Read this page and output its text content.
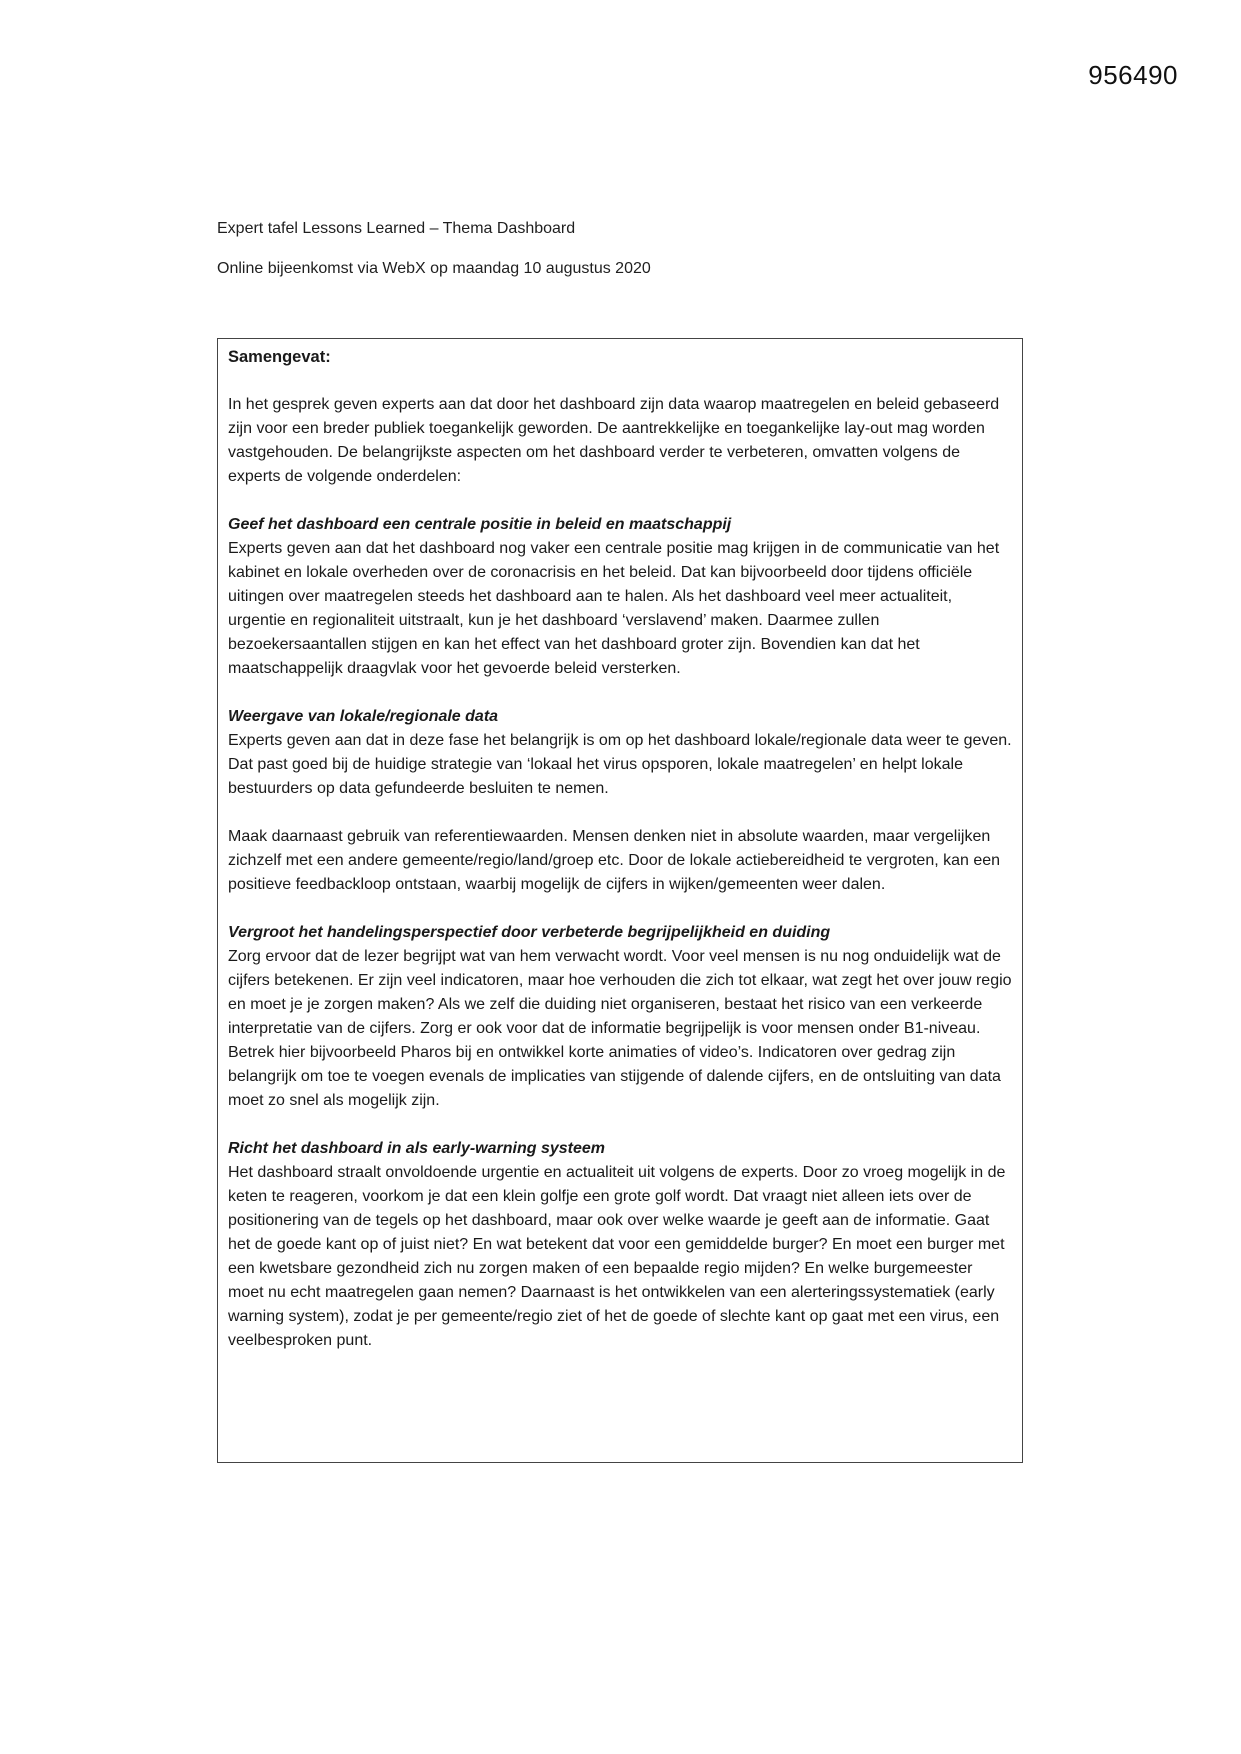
956490
Expert tafel Lessons Learned – Thema Dashboard
Online bijeenkomst via WebX op maandag 10 augustus 2020

Samengevat:

In het gesprek geven experts aan dat door het dashboard zijn data waarop maatregelen en beleid gebaseerd zijn voor een breder publiek toegankelijk geworden. De aantrekkelijke en toegankelijke lay-out mag worden vastgehouden. De belangrijkste aspecten om het dashboard verder te verbeteren, omvatten volgens de experts de volgende onderdelen:

Geef het dashboard een centrale positie in beleid en maatschappij

Experts geven aan dat het dashboard nog vaker een centrale positie mag krijgen in de communicatie van het kabinet en lokale overheden over de coronacrisis en het beleid. Dat kan bijvoorbeeld door tijdens officiële uitingen over maatregelen steeds het dashboard aan te halen. Als het dashboard veel meer actualiteit, urgentie en regionaliteit uitstraalt, kun je het dashboard ‘verslavend’ maken. Daarmee zullen bezoekersaantallen stijgen en kan het effect van het dashboard groter zijn. Bovendien kan dat het maatschappelijk draagvlak voor het gevoerde beleid versterken.

Weergave van lokale/regionale data

Experts geven aan dat in deze fase het belangrijk is om op het dashboard lokale/regionale data weer te geven. Dat past goed bij de huidige strategie van ‘lokaal het virus opsporen, lokale maatregelen’ en helpt lokale bestuurders op data gefundeerde besluiten te nemen.

Maak daarnaast gebruik van referentiewaarden. Mensen denken niet in absolute waarden, maar vergelijken zichzelf met een andere gemeente/regio/land/groep etc. Door de lokale actiebereidheid te vergroten, kan een positieve feedbackloop ontstaan, waarbij mogelijk de cijfers in wijken/gemeenten weer dalen.

Vergroot het handelingsperspectief door verbeterde begrijpelijkheid en duiding

Zorg ervoor dat de lezer begrijpt wat van hem verwacht wordt. Voor veel mensen is nu nog onduidelijk wat de cijfers betekenen. Er zijn veel indicatoren, maar hoe verhouden die zich tot elkaar, wat zegt het over jouw regio en moet je je zorgen maken? Als we zelf die duiding niet organiseren, bestaat het risico van een verkeerde interpretatie van de cijfers. Zorg er ook voor dat de informatie begrijpelijk is voor mensen onder B1-niveau. Betrek hier bijvoorbeeld Pharos bij en ontwikkel korte animaties of video’s. Indicatoren over gedrag zijn belangrijk om toe te voegen evenals de implicaties van stijgende of dalende cijfers, en de ontsluiting van data moet zo snel als mogelijk zijn.

Richt het dashboard in als early-warning systeem

Het dashboard straalt onvoldoende urgentie en actualiteit uit volgens de experts. Door zo vroeg mogelijk in de keten te reageren, voorkom je dat een klein golfje een grote golf wordt. Dat vraagt niet alleen iets over de positionering van de tegels op het dashboard, maar ook over welke waarde je geeft aan de informatie. Gaat het de goede kant op of juist niet? En wat betekent dat voor een gemiddelde burger? En moet een burger met een kwetsbare gezondheid zich nu zorgen maken of een bepaalde regio mijden? En welke burgemeester moet nu echt maatregelen gaan nemen? Daarnaast is het ontwikkelen van een alerteringssystematiek (early warning system), zodat je per gemeente/regio ziet of het de goede of slechte kant op gaat met een virus, een veelbesproken punt.
